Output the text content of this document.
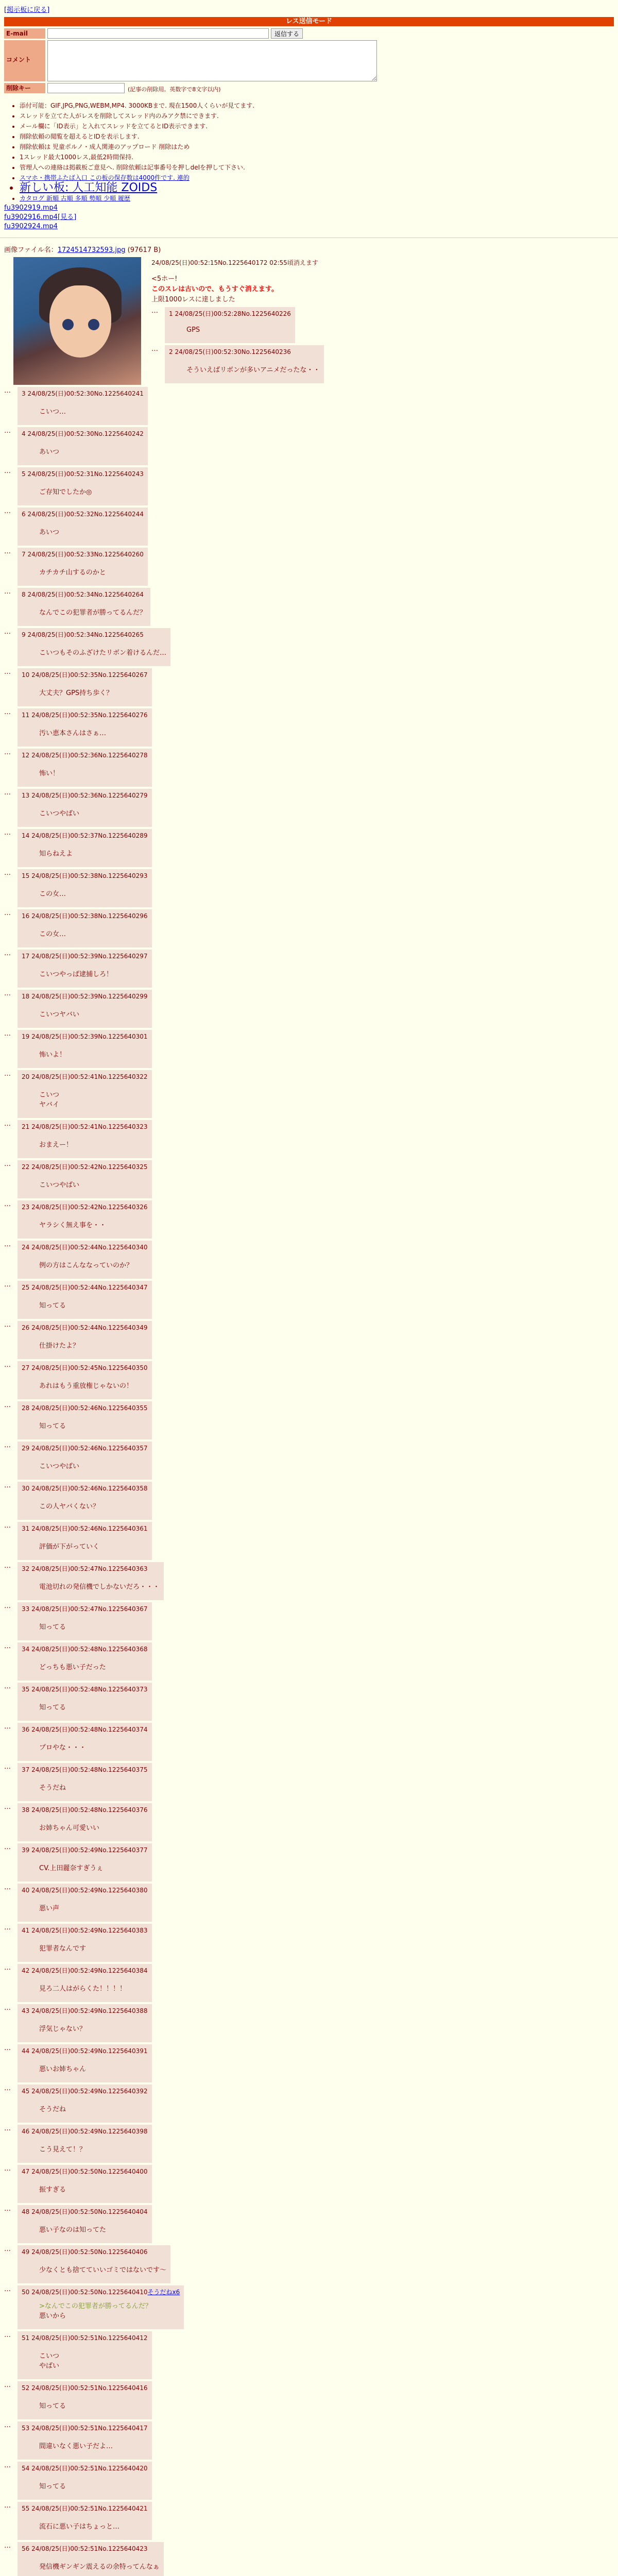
[掲示板に戻る]
レス送信モード
E-mail	返信する
コメント
削除キー	(記事の削除用。英数字で8文字以内)
• 添付可能：GIF,JPG,PNG,WEBM,MP4. 3000KBまで. 現在1500人くらいが見てます.
• スレッドを立てた人がレスを削除してスレッド内のみアク禁にできます.
• メール欄に「ID表示」と入れてスレッドを立てるとID表示できます.
• 削除依頼の閲覧を超えるとIDを表示します.
• 削除依頼は 児童ポルノ・成人関連のアップロード 削除はため
• 1スレッド最大1000レス,最低2時間保持.
• 管理人への連絡は掲載板ご意見へ. 削除依頼は記事番号を押しdelを押して下さい.
• スマホ・携帯ふたば入口 この板の保存数は4000件です. 連的
• 新しい板: 人工知能 ZOIDS
• カタログ 新順 古順 多順 勢順 少順 履歴
fu3902919.mp4
fu3902916.mp4[見る]
fu3902924.mp4
画像ファイル名：1724514732593.jpg (97617 B)
24/08/25(日)00:52:15No.1225640172 02:55頃消えます
<5ホー!
このスレは古いので、もうすぐ消えます。
上限1000レスに達しました
…	1 24/08/25(日)00:52:28No.1225640226
GPS
…	2 24/08/25(日)00:52:30No.1225640236
そういえばリボンが多いアニメだったな・・
…	3 24/08/25(日)00:52:30No.1225640241
こいつ…
…	4 24/08/25(日)00:52:30No.1225640242
あいつ
…	5 24/08/25(日)00:52:31No.1225640243
ご存知でしたか◎
…	6 24/08/25(日)00:52:32No.1225640244
あいつ
…	7 24/08/25(日)00:52:33No.1225640260
カチカチ山するのかと
…	8 24/08/25(日)00:52:34No.1225640264
なんでこの犯罪者が勝ってるんだ？
…	9 24/08/25(日)00:52:34No.1225640265
こいつもそのふざけたリボン着けるんだ…
…	10 24/08/25(日)00:52:35No.1225640267
大丈夫？GPS持ち歩く？
…	11 24/08/25(日)00:52:35No.1225640276
汚い恵本さんはさぁ…
…	12 24/08/25(日)00:52:36No.1225640278
怖い！
…	13 24/08/25(日)00:52:36No.1225640279
こいつやばい
…	14 24/08/25(日)00:52:37No.1225640289
知らねえよ
…	15 24/08/25(日)00:52:38No.1225640293
この女…
…	16 24/08/25(日)00:52:38No.1225640296
この女…
…	17 24/08/25(日)00:52:39No.1225640297
こいつやっぱ逮捕しろ！
…	18 24/08/25(日)00:52:39No.1225640299
こいつヤバい
…	19 24/08/25(日)00:52:39No.1225640301
怖いよ！
…	20 24/08/25(日)00:52:41No.1225640322
こいつ
ヤバイ
…	21 24/08/25(日)00:52:41No.1225640323
おまえー！
…	22 24/08/25(日)00:52:42No.1225640325
こいつやばい
…	23 24/08/25(日)00:52:42No.1225640326
ヤラシく無え事を・・
…	24 24/08/25(日)00:52:44No.1225640340
例の方はこんななっていのか？
…	25 24/08/25(日)00:52:44No.1225640347
知ってる
…	26 24/08/25(日)00:52:44No.1225640349
仕掛けたよ？
…	27 24/08/25(日)00:52:45No.1225640350
あれはもう重放権じゃないの！
…	28 24/08/25(日)00:52:46No.1225640355
知ってる
…	29 24/08/25(日)00:52:46No.1225640357
こいつやばい
…	30 24/08/25(日)00:52:46No.1225640358
この人ヤバくない？
…	31 24/08/25(日)00:52:46No.1225640361
評価が下がっていく
…	32 24/08/25(日)00:52:47No.1225640363
電池切れの発信機でしかないだろ・・・
…	33 24/08/25(日)00:52:47No.1225640367
知ってる
…	34 24/08/25(日)00:52:48No.1225640368
どっちも悪い子だった
…	35 24/08/25(日)00:52:48No.1225640373
知ってる
…	36 24/08/25(日)00:52:48No.1225640374
プロやな・・・
…	37 24/08/25(日)00:52:48No.1225640375
そうだね
…	38 24/08/25(日)00:52:48No.1225640376
お姉ちゃん可愛いい
…	39 24/08/25(日)00:52:49No.1225640377
CV.上田麗奈すぎうぇ
…	40 24/08/25(日)00:52:49No.1225640380
悪い声
…	41 24/08/25(日)00:52:49No.1225640383
犯罪者なんです
…	42 24/08/25(日)00:52:49No.1225640384
見ろ二人はがらくた！！！！
…	43 24/08/25(日)00:52:49No.1225640388
浮気じゃない？
…	44 24/08/25(日)00:52:49No.1225640391
悪いお姉ちゃん
…	45 24/08/25(日)00:52:49No.1225640392
そうだね
…	46 24/08/25(日)00:52:49No.1225640398
こう見えて！？
…	47 24/08/25(日)00:52:50No.1225640400
振すぎる
…	48 24/08/25(日)00:52:50No.1225640404
悪い子なのは知ってた
…	49 24/08/25(日)00:52:50No.1225640406
少なくとも捨てていいゴミではないです～
…	50 24/08/25(日)00:52:50No.1225640410そうだねx6
>なんでこの犯罪者が勝ってるんだ？
悪いから
…	51 24/08/25(日)00:52:51No.1225640412
こいつ
やばい
…	52 24/08/25(日)00:52:51No.1225640416
知ってる
…	53 24/08/25(日)00:52:51No.1225640417
間違いなく悪い子だよ…
…	54 24/08/25(日)00:52:51No.1225640420
知ってる
…	55 24/08/25(日)00:52:51No.1225640421
流石に悪い子はちょっと…
…	56 24/08/25(日)00:52:51No.1225640423
発信機ギンギン震えるの余特ってんなぁ
